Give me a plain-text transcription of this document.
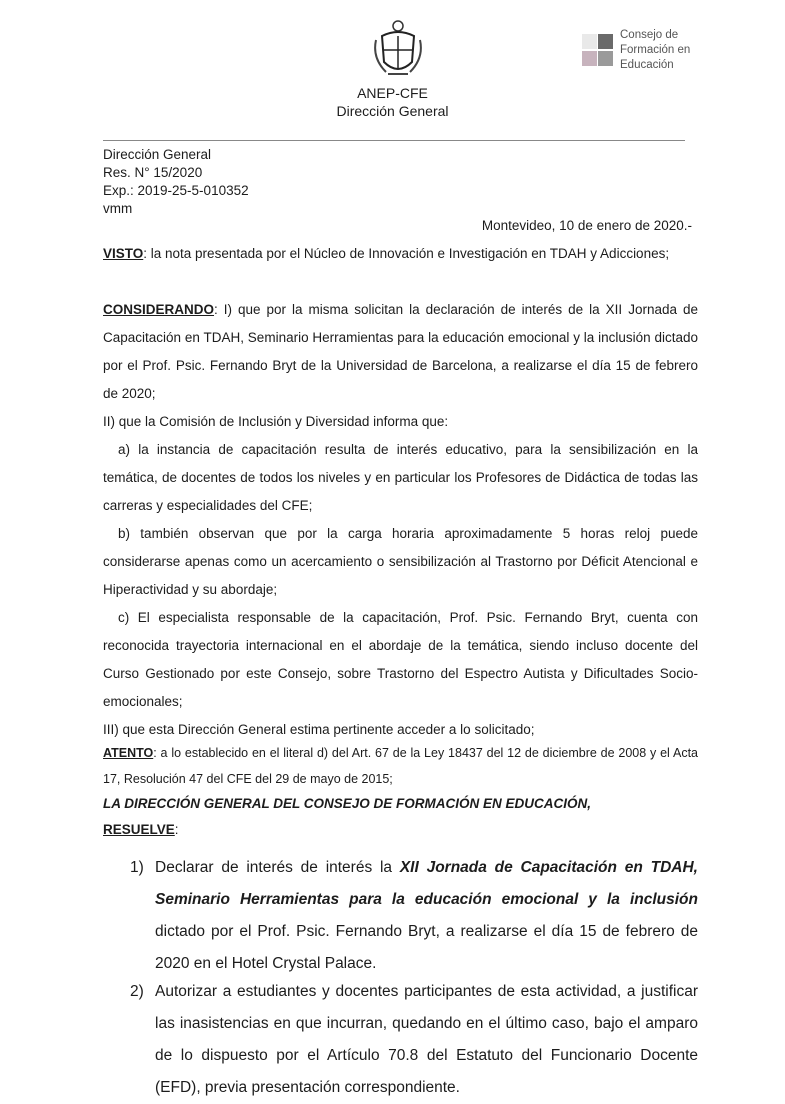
Consejo de
Formación en
Educación
ANEP-CFE
Dirección General
Dirección General
Res. N° 15/2020
Exp.: 2019-25-5-010352
vmm
Montevideo, 10 de enero de 2020.-
VISTO: la nota presentada por el Núcleo de Innovación e Investigación en TDAH y Adicciones;
CONSIDERANDO: I) que por la misma solicitan la declaración de interés de la XII Jornada de Capacitación en TDAH, Seminario Herramientas para la educación emocional y la inclusión dictado por el Prof. Psic. Fernando Bryt de la Universidad de Barcelona, a realizarse el día 15 de febrero de 2020;
II) que la Comisión de Inclusión y Diversidad informa que:
a) la instancia de capacitación resulta de interés educativo, para la sensibilización en la temática, de docentes de todos los niveles y en particular los Profesores de Didáctica de todas las carreras y especialidades del CFE;
b) también observan que por la carga horaria aproximadamente 5 horas reloj puede considerarse apenas como un acercamiento o sensibilización al Trastorno por Déficit Atencional e Hiperactividad y su abordaje;
c) El especialista responsable de la capacitación, Prof. Psic. Fernando Bryt, cuenta con reconocida trayectoria internacional en el abordaje de la temática, siendo incluso docente del Curso Gestionado por este Consejo, sobre Trastorno del Espectro Autista y Dificultades Socio-emocionales;
III) que esta Dirección General estima pertinente acceder a lo solicitado;
ATENTO: a lo establecido en el literal d) del Art. 67 de la Ley 18437 del 12 de diciembre de 2008 y el Acta 17, Resolución 47 del CFE del 29 de mayo de 2015;
LA DIRECCIÓN GENERAL DEL CONSEJO DE FORMACIÓN EN EDUCACIÓN,
RESUELVE:
1) Declarar de interés de interés la XII Jornada de Capacitación en TDAH, Seminario Herramientas para la educación emocional y la inclusión dictado por el Prof. Psic. Fernando Bryt, a realizarse el día 15 de febrero de 2020 en el Hotel Crystal Palace.
2) Autorizar a estudiantes y docentes participantes de esta actividad, a justificar las inasistencias en que incurran, quedando en el último caso, bajo el amparo de lo dispuesto por el Artículo 70.8 del Estatuto del Funcionario Docente (EFD), previa presentación correspondiente.
